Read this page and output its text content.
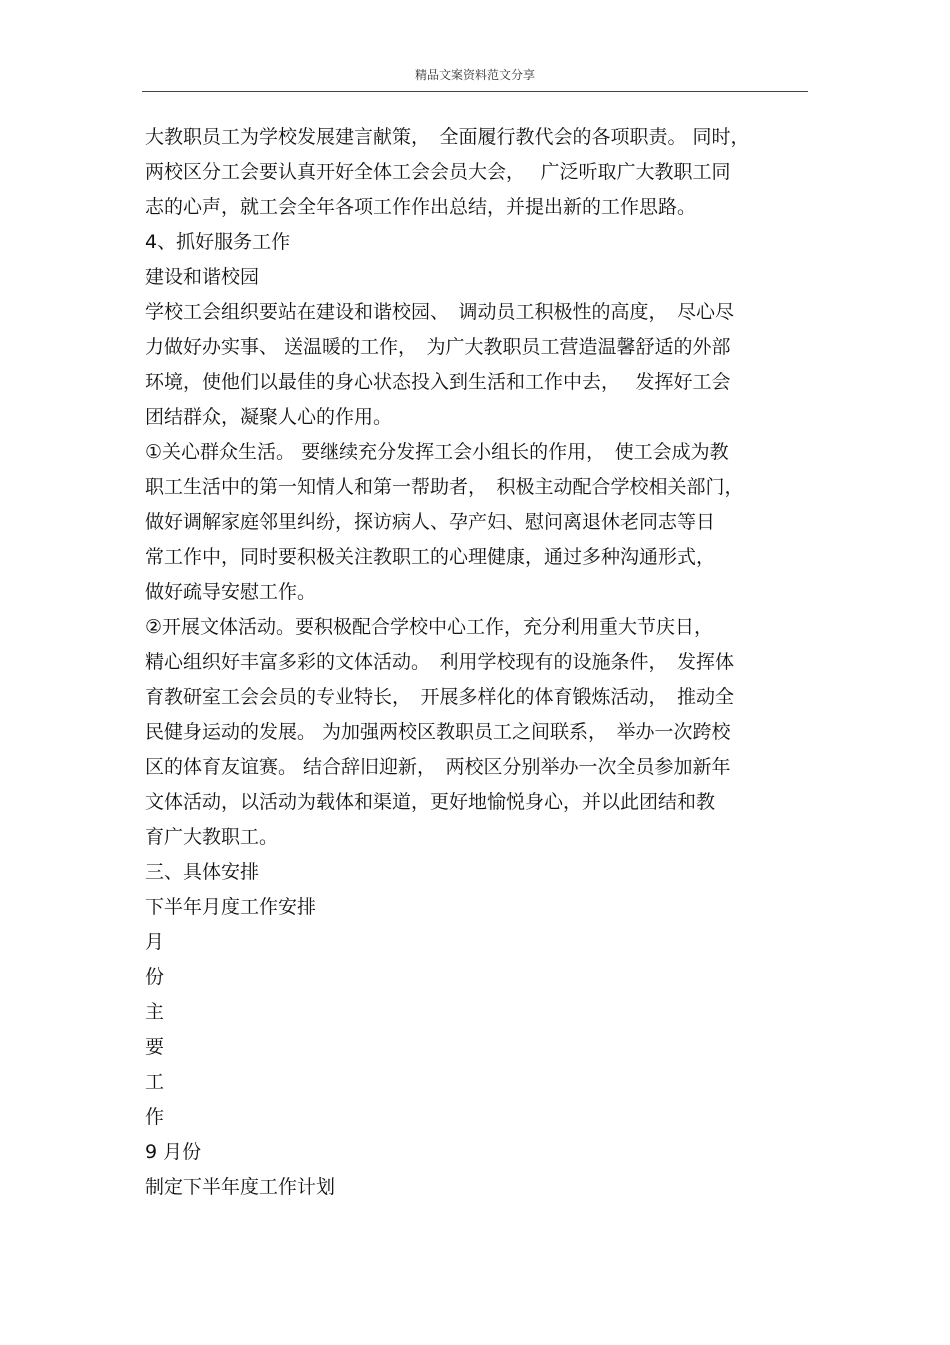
精品文案资料范文分享
大教职员工为学校发展建言献策，　全面履行教代会的各项职责。 同时，
两校区分工会要认真开好全体工会会员大会，　 广泛听取广大教职工同
志的心声，就工会全年各项工作作出总结，并提出新的工作思路。
4、抓好服务工作
建设和谐校园
学校工会组织要站在建设和谐校园、　调动员工积极性的高度，　尽心尽
力做好办实事、 送温暖的工作，　为广大教职员工营造温馨舒适的外部
环境，使他们以最佳的身心状态投入到生活和工作中去，　 发挥好工会
团结群众，凝聚人心的作用。
①关心群众生活。 要继续充分发挥工会小组长的作用，　使工会成为教
职工生活中的第一知情人和第一帮助者，　积极主动配合学校相关部门，
做好调解家庭邻里纠纷，探访病人、孕产妇、慰问离退休老同志等日
常工作中，同时要积极关注教职工的心理健康，通过多种沟通形式，
做好疏导安慰工作。
②开展文体活动。要积极配合学校中心工作，充分利用重大节庆日，
精心组织好丰富多彩的文体活动。　利用学校现有的设施条件，　发挥体
育教研室工会会员的专业特长，　开展多样化的体育锻炼活动，　推动全
民健身运动的发展。 为加强两校区教职员工之间联系，　举办一次跨校
区的体育友谊赛。 结合辞旧迎新，　两校区分别举办一次全员参加新年
文体活动，以活动为载体和渠道，更好地愉悦身心，并以此团结和教
育广大教职工。
三、具体安排
下半年月度工作安排
月
份
主
要
工
作
9 月份
制定下半年度工作计划
